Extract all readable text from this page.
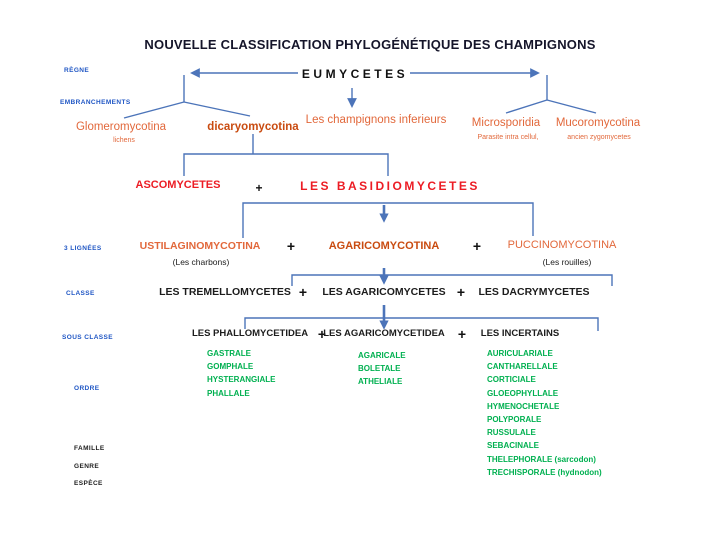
NOUVELLE CLASSIFICATION PHYLOGÉNÉTIQUE DES CHAMPIGNONS
RÈGNE
EMBRANCHEMENTS
3 LIGNÉES
CLASSE
SOUS CLASSE
ORDRE
FAMILLE
GENRE
ESPÈCE
EUMYCETES
Glomeromycotina
lichens
dicaryomycotina
Les champignons inferieurs Microsporidia
Parasite intra cellul,
Mucoromycotina
ancien zygomycetes
ASCOMYCETES	+	LES BASIDIOMYCETES
USTILAGINOMYCOTINA
(Les charbons)
+	AGARICOMYCOTINA + PUCCINOMYCOTINA
(Les rouilles)
LES TREMELLOMYCETES + LES AGARICOMYCETES + LES DACRYMYCETES
LES PHALLOMYCETIDEA +
LES AGARICOMYCETIDEA + LES INCERTAINS
GASTRALE
GOMPHALE
HYSTERANGIALE
PHALLALE
AGARICALE
BOLETALE
ATHELIALE
AURICULARIALE
CANTHARELLALE
CORTICIALE
GLOEOPHYLLALE
HYMENOCHETALE
POLYPORALE
RUSSULALE
SEBACINALE
THELEPHORALE (sarcodon)
TRECHISPORALE (hydnodon)
